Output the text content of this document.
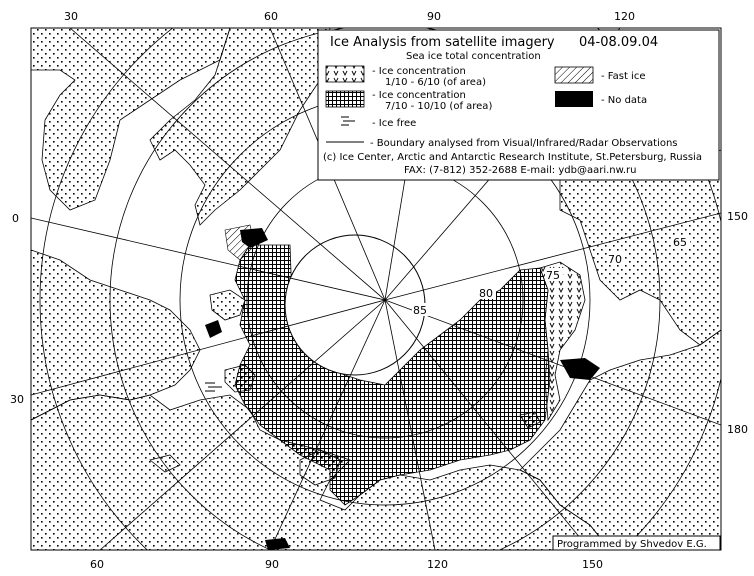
85
80
75
70
65
30	60	90	120
0
30
150
180
60	90	120	150
Ice Analysis from satellite imagery 04-08.09.04
Sea ice total concentration
- Ice concentration
1/10 - 6/10 (of area)
- Ice concentration
7/10 - 10/10 (of area)
- Fast ice
- No data
- Ice free
- Boundary analysed from Visual/Infrared/Radar Observations
(c) Ice Center, Arctic and Antarctic Research Institute, St.Petersburg, Russia
FAX: (7-812) 352-2688 E-mail: ydb@aari.nw.ru
Programmed by Shvedov E.G.
